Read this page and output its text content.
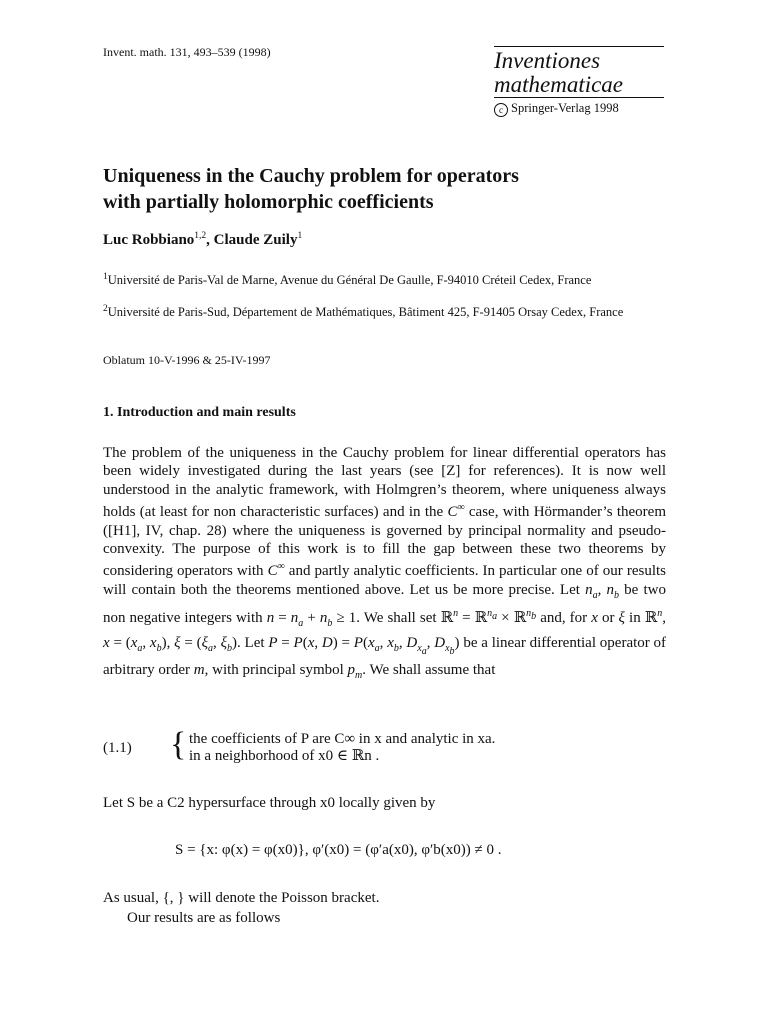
Invent. math. 131, 493–539 (1998)	Inventiones
mathematicae
c Springer-Verlag 1998
Uniqueness in the Cauchy problem for operators
with partially holomorphic coefficients
Luc Robbiano$^{1,2}$, Claude Zuily$^1$
$^1$Université de Paris-Val de Marne, Avenue du Général De Gaulle, F-94010 Créteil Cedex, France
$^2$Université de Paris-Sud, Département de Mathématiques, Bâtiment 425, F-91405 Orsay Cedex, France
Oblatum 10-V-1996 & 25-IV-1997
1. Introduction and main results

The problem of the uniqueness in the Cauchy problem for linear differential operators has been widely investigated during the last years (see [Z] for references). It is now well understood in the analytic framework, with Holmgren’s theorem, where uniqueness always holds (at least for non characteristic surfaces) and in the C∞ case, with Hörmander’s theorem ([H1], IV, chap. 28) where the uniqueness is governed by principal normality and pseudo-convexity. The purpose of this work is to fill the gap between these two theorems by considering operators with C∞ and partly analytic coefficients. In particular one of our results will contain both the theorems mentioned above. Let us be more precise. Let $n_a$, $n_b$ be two non negative integers with $n = n_a + n_b \ge 1$. We shall set ℝ$^n$ = ℝ$^{n_a}$ × ℝ$^{n_b}$ and, for x or ξ in ℝ$^n$, $x = (x_a$, $x_b$), $\xi = (\xi_a$, $\xi_b$). Let P = P(x, $D) = P(x_a$, $x_b$, $D_{x_a}$, $D_{x_b}$) be a linear differential operator of arbitrary order m, with principal symbol $p_m$. We shall assume that

(1.1) { the coefficients of P are C∞ in x and analytic in xa.
in a neighborhood of x0 ∈ ℝn .
Let S be a C2 hypersurface through x0 locally given by
S = {x: φ(x) = φ(x0)}, φ′(x0) = (φ′a(x0), φ′b(x0)) ≠ 0 .
As usual, {, } will denote the Poisson bracket.
Our results are as follows
